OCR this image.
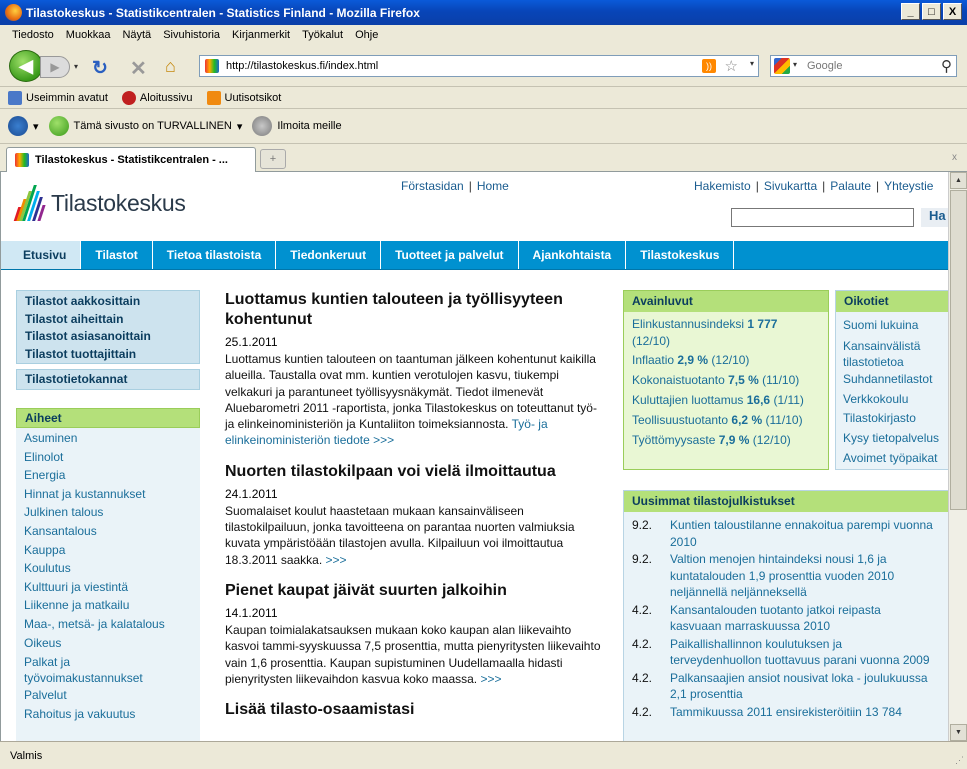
Tilastokeskus - Statistikcentralen - Statistics Finland - Mozilla Firefox	_	□	X
Tiedosto	Muokkaa	Näytä	Sivuhistoria	Kirjanmerkit	Työkalut	Ohje
◀	▶	▾ ↻ ✕ ⌂	http://tilastokeskus.fi/index.html	)) ☆ ▾	▾ Google	⚲
Useimmin avatut	Aloitussivu	Uutisotsikot
▾	Tämä sivusto on TURVALLINEN ▾	Ilmoita meille
Tilastokeskus - Statistikcentralen - ...	+	x
Tilastokeskus
Förstasidan | Home	Hakemisto | Sivukartta | Palaute | Yhteystie
Ha
Etusivu	Tilastot	Tietoa tilastoista	Tiedonkeruut	Tuotteet ja palvelut	Ajankohtaista	Tilastokeskus
Tilastot aakkosittain
Tilastot aiheittain
Tilastot asiasanoittain
Tilastot tuottajittain
Tilastotietokannat
Aiheet
Asuminen
Elinolot
Energia
Hinnat ja kustannukset
Julkinen talous
Kansantalous
Kauppa
Koulutus
Kulttuuri ja viestintä
Liikenne ja matkailu
Maa-, metsä- ja kalatalous
Oikeus
Palkat ja
työvoimakustannukset
Palvelut
Rahoitus ja vakuutus
Luottamus kuntien talouteen ja työllisyyteen kohentunut
25.1.2011
Luottamus kuntien talouteen on taantuman jälkeen kohentunut kaikilla alueilla. Taustalla ovat mm. kuntien verotulojen kasvu, tiukempi velkakuri ja parantuneet työllisyysnäkymät. Tiedot ilmenevät Aluebarometri 2011 -raportista, jonka Tilastokeskus on toteuttanut työ- ja elinkeinoministeriön ja Kuntaliiton toimeksiannosta. Työ- ja elinkeinoministeriön tiedote >>>
Nuorten tilastokilpaan voi vielä ilmoittautua
24.1.2011
Suomalaiset koulut haastetaan mukaan kansainväliseen tilastokilpailuun, jonka tavoitteena on parantaa nuorten valmiuksia kuvata ympäristöään tilastojen avulla. Kilpailuun voi ilmoittautua 18.3.2011 saakka. >>>
Pienet kaupat jäivät suurten jalkoihin
14.1.2011
Kaupan toimialakatsauksen mukaan koko kaupan alan liikevaihto kasvoi tammi-syyskuussa 7,5 prosenttia, mutta pienyritysten liikevaihto vain 1,6 prosenttia. Kaupan supistuminen Uudellamaalla hidasti pienyritysten liikevaihdon kasvua koko maassa. >>>
Lisää tilasto-osaamistasi
Avainluvut
Elinkustannusindeksi 1 777
(12/10)
Inflaatio 2,9 % (12/10)
Kokonaistuotanto 7,5 % (11/10)
Kuluttajien luottamus 16,6 (1/11)
Teollisuustuotanto 6,2 % (11/10)
Työttömyysaste 7,9 % (12/10)
Oikotiet
Suomi lukuina
Kansainvälistä
tilastotietoa
Suhdannetilastot
Verkkokoulu
Tilastokirjasto
Kysy tietopalvelus
Avoimet työpaikat
Uusimmat tilastojulkistukset
9.2.	Kuntien taloustilanne ennakoitua parempi vuonna
2010
9.2.	Valtion menojen hintaindeksi nousi 1,6 ja
kuntatalouden 1,9 prosenttia vuoden 2010 neljännellä neljänneksellä
4.2.	Kansantalouden tuotanto jatkoi reipasta
kasvuaan marraskuussa 2010
4.2.	Paikallishallinnon koulutuksen ja
terveydenhuollon tuottavuus parani vuonna 2009
4.2.	Palkansaajien ansiot nousivat loka - joulukuussa
2,1 prosenttia
4.2.	Tammikuussa 2011 ensirekisteröitiin 13 784
▲
▼
Valmis	⋰
